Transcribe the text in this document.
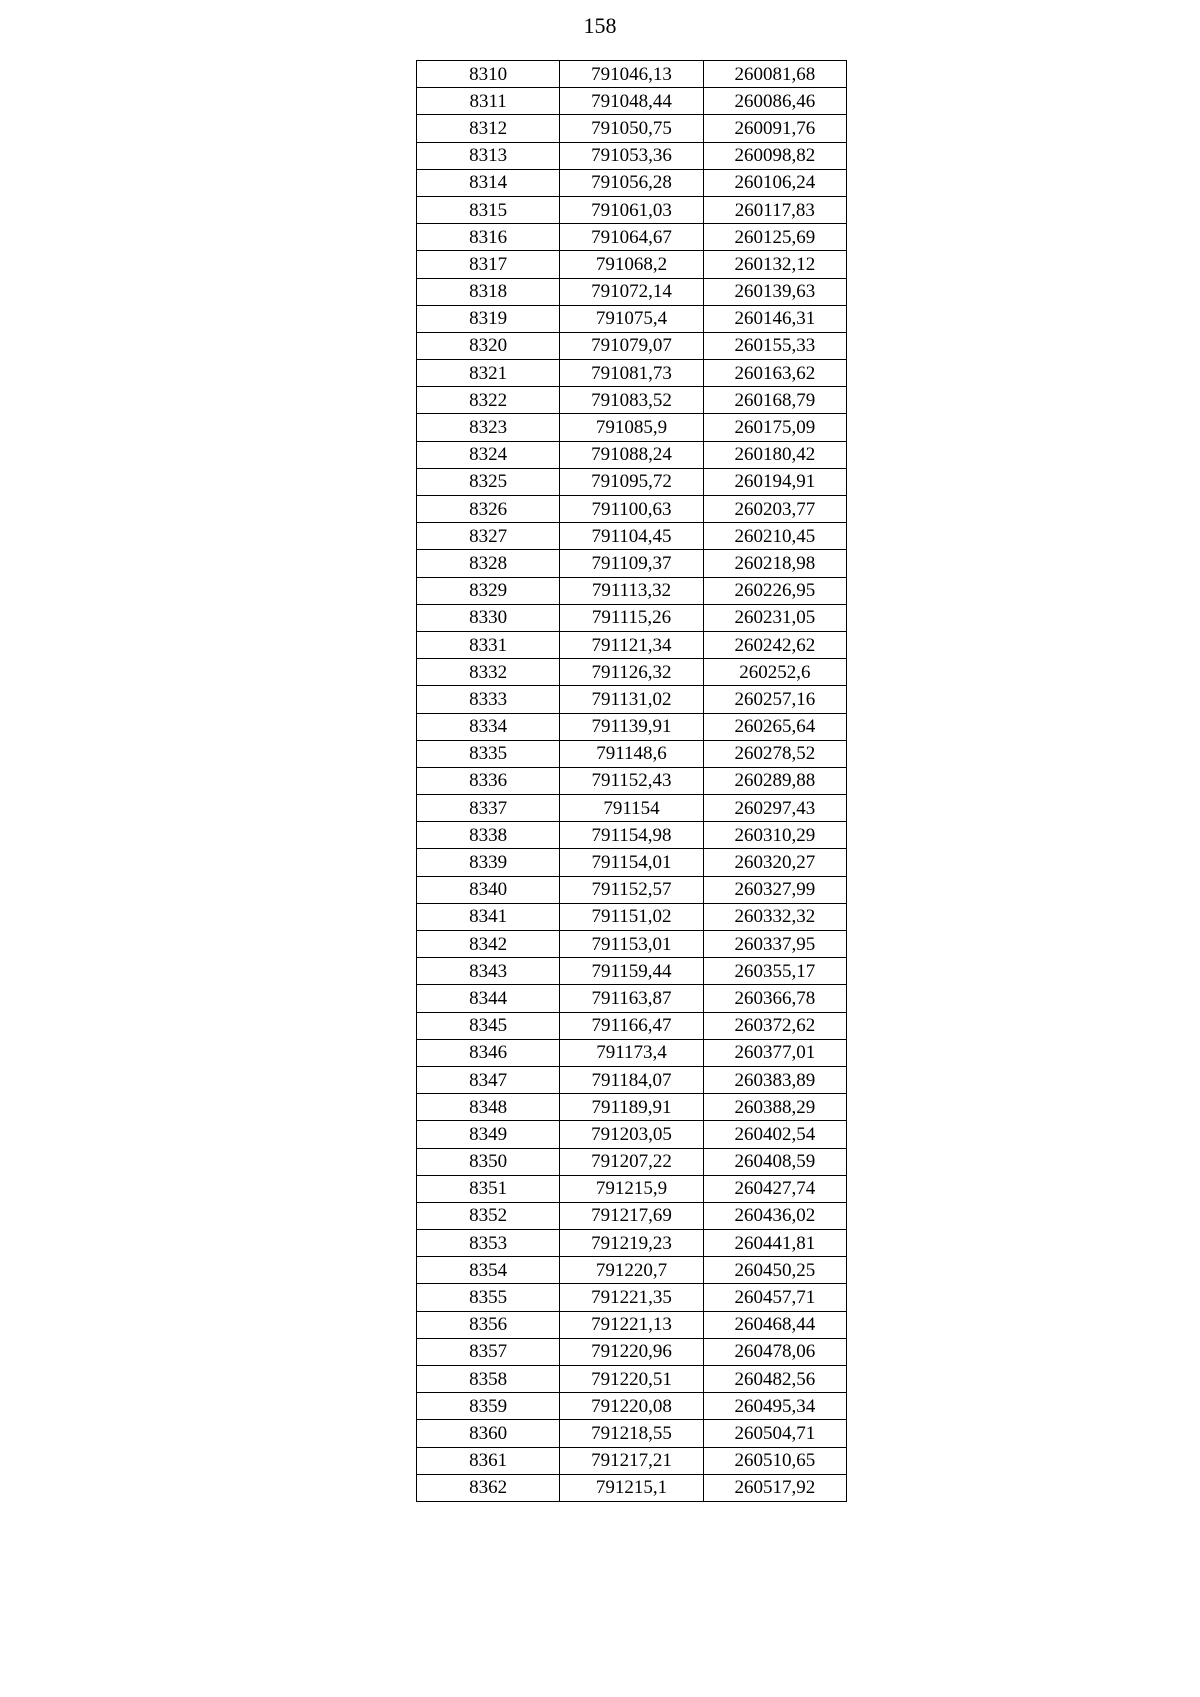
158
8310	791046,13	260081,68
8311	791048,44	260086,46
8312	791050,75	260091,76
8313	791053,36	260098,82
8314	791056,28	260106,24
8315	791061,03	260117,83
8316	791064,67	260125,69
8317	791068,2	260132,12
8318	791072,14	260139,63
8319	791075,4	260146,31
8320	791079,07	260155,33
8321	791081,73	260163,62
8322	791083,52	260168,79
8323	791085,9	260175,09
8324	791088,24	260180,42
8325	791095,72	260194,91
8326	791100,63	260203,77
8327	791104,45	260210,45
8328	791109,37	260218,98
8329	791113,32	260226,95
8330	791115,26	260231,05
8331	791121,34	260242,62
8332	791126,32	260252,6
8333	791131,02	260257,16
8334	791139,91	260265,64
8335	791148,6	260278,52
8336	791152,43	260289,88
8337	791154	260297,43
8338	791154,98	260310,29
8339	791154,01	260320,27
8340	791152,57	260327,99
8341	791151,02	260332,32
8342	791153,01	260337,95
8343	791159,44	260355,17
8344	791163,87	260366,78
8345	791166,47	260372,62
8346	791173,4	260377,01
8347	791184,07	260383,89
8348	791189,91	260388,29
8349	791203,05	260402,54
8350	791207,22	260408,59
8351	791215,9	260427,74
8352	791217,69	260436,02
8353	791219,23	260441,81
8354	791220,7	260450,25
8355	791221,35	260457,71
8356	791221,13	260468,44
8357	791220,96	260478,06
8358	791220,51	260482,56
8359	791220,08	260495,34
8360	791218,55	260504,71
8361	791217,21	260510,65
8362	791215,1	260517,92
